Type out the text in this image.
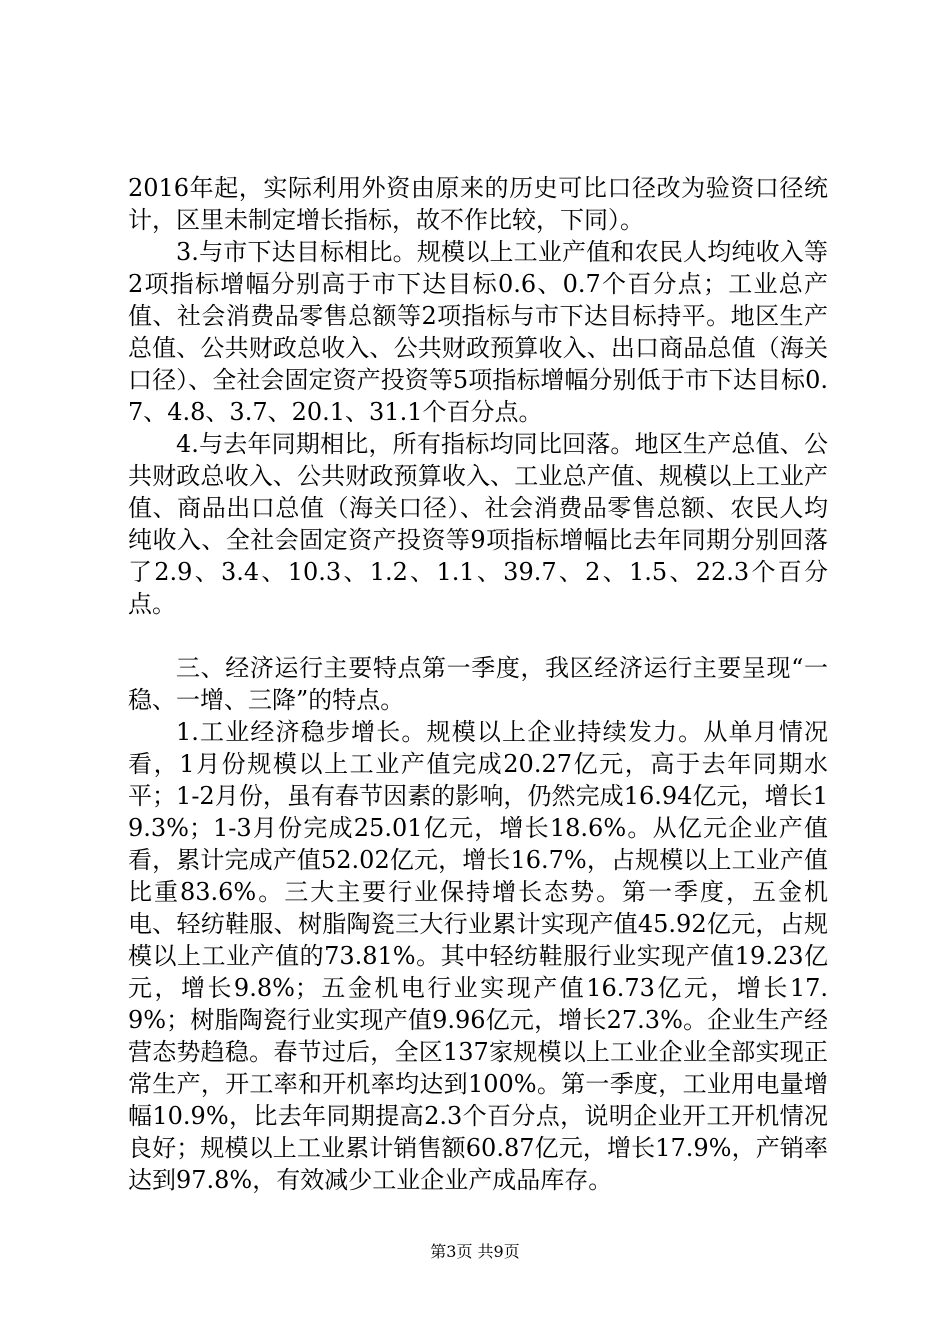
2016年起，实际利用外资由原来的历史可比口径改为验资口径统计，区里未制定增长指标，故不作比较，下同）。

3.与市下达目标相比。规模以上工业产值和农民人均纯收入等2项指标增幅分别高于市下达目标0.6、0.7个百分点；工业总产值、社会消费品零售总额等2项指标与市下达目标持平。地区生产总值、公共财政总收入、公共财政预算收入、出口商品总值（海关口径）、全社会固定资产投资等5项指标增幅分别低于市下达目标0.7、4.8、3.7、20.1、31.1个百分点。

4.与去年同期相比，所有指标均同比回落。地区生产总值、公共财政总收入、公共财政预算收入、工业总产值、规模以上工业产值、商品出口总值（海关口径）、社会消费品零售总额、农民人均纯收入、全社会固定资产投资等9项指标增幅比去年同期分别回落了2.9、3.4、10.3、1.2、1.1、39.7、2、1.5、22.3个百分点。

三、经济运行主要特点第一季度，我区经济运行主要呈现“一稳、一增、三降”的特点。

1.工业经济稳步增长。规模以上企业持续发力。从单月情况看，1月份规模以上工业产值完成20.27亿元，高于去年同期水平；1-2月份，虽有春节因素的影响，仍然完成16.94亿元，增长19.3%；1-3月份完成25.01亿元，增长18.6%。从亿元企业产值看，累计完成产值52.02亿元，增长16.7%，占规模以上工业产值比重83.6%。三大主要行业保持增长态势。第一季度，五金机电、轻纺鞋服、树脂陶瓷三大行业累计实现产值45.92亿元，占规模以上工业产值的73.81%。其中轻纺鞋服行业实现产值19.23亿元，增长9.8%；五金机电行业实现产值16.73亿元，增长17.9%；树脂陶瓷行业实现产值9.96亿元，增长27.3%。企业生产经营态势趋稳。春节过后，全区137家规模以上工业企业全部实现正常生产，开工率和开机率均达到100%。第一季度，工业用电量增幅10.9%，比去年同期提高2.3个百分点，说明企业开工开机情况良好；规模以上工业累计销售额60.87亿元，增长17.9%，产销率达到97.8%，有效减少工业企业产成品库存。

第3页 共9页
